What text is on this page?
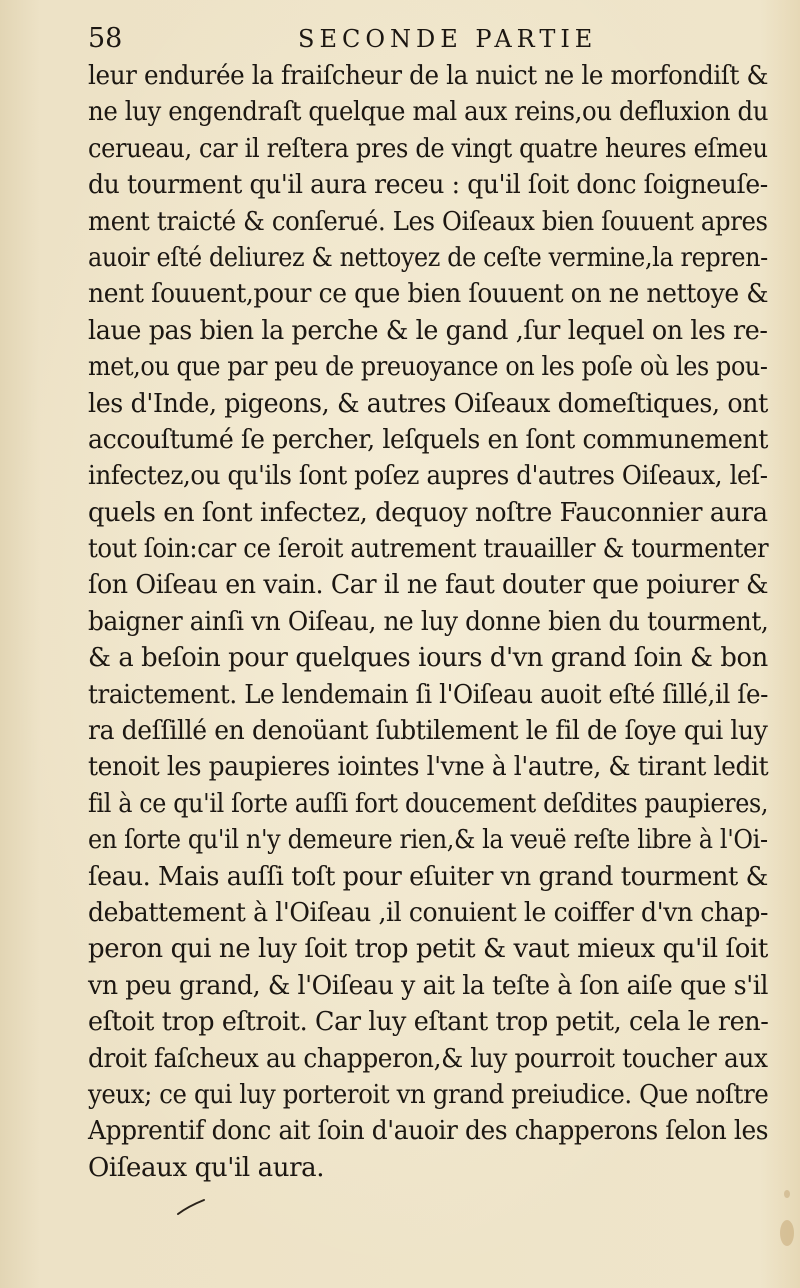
58	SECONDE PARTIE
leur endurée la fraiſcheur de la nuict ne le morfondiſt &
ne luy engendraſt quelque mal aux reins,ou defluxion du
cerueau, car il reſtera pres de vingt quatre heures eſmeu
du tourment qu'il aura receu : qu'il ſoit donc ſoigneuſe-
ment traicté & conſerué. Les Oiſeaux bien ſouuent apres
auoir eſté deliurez & nettoyez de ceſte vermine,la repren-
nent ſouuent,pour ce que bien ſouuent on ne nettoye &
laue pas bien la perche & le gand ,ſur lequel on les re-
met,ou que par peu de preuoyance on les poſe où les pou-
les d'Inde, pigeons, & autres Oiſeaux domeſtiques, ont
accouſtumé ſe percher, leſquels en ſont communement
infectez,ou qu'ils ſont poſez aupres d'autres Oiſeaux, leſ-
quels en ſont infectez, dequoy noſtre Fauconnier aura
tout ſoin:car ce ſeroit autrement trauailler & tourmenter
ſon Oiſeau en vain. Car il ne faut douter que poiurer &
baigner ainſi vn Oiſeau, ne luy donne bien du tourment,
& a beſoin pour quelques iours d'vn grand ſoin & bon
traictement. Le lendemain ſi l'Oiſeau auoit eſté ſillé,il ſe-
ra deſſillé en denoüant ſubtilement le fil de ſoye qui luy
tenoit les paupieres iointes l'vne à l'autre, & tirant ledit
fil à ce qu'il ſorte auſſi fort doucement deſdites paupieres,
en ſorte qu'il n'y demeure rien,& la veuë reſte libre à l'Oi-
ſeau. Mais auſſi toſt pour eſuiter vn grand tourment &
debattement à l'Oiſeau ,il conuient le coiffer d'vn chap-
peron qui ne luy ſoit trop petit & vaut mieux qu'il ſoit
vn peu grand, & l'Oiſeau y ait la teſte à ſon aiſe que s'il
eſtoit trop eſtroit. Car luy eſtant trop petit, cela le ren-
droit faſcheux au chapperon,& luy pourroit toucher aux
yeux; ce qui luy porteroit vn grand preiudice. Que noſtre
Apprentif donc ait ſoin d'auoir des chapperons ſelon les
Oiſeaux qu'il aura.
